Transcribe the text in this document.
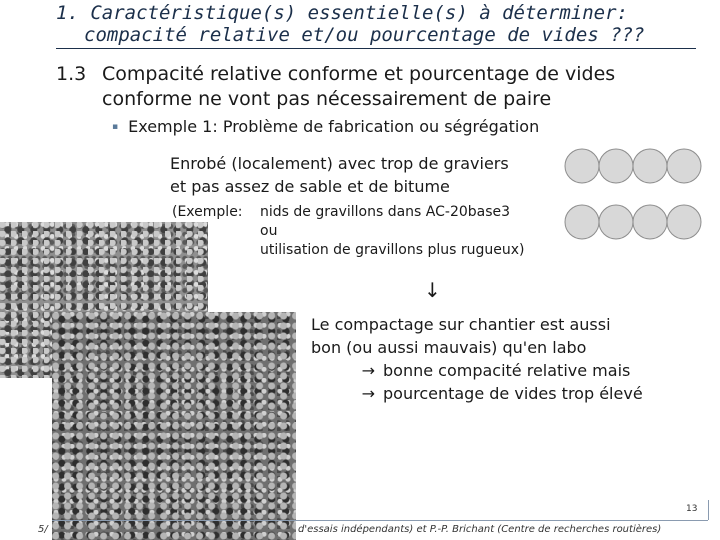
1. Caractéristique(s) essentielle(s) à déterminer:
compacité relative et/ou pourcentage de vides ???
1.3 Compacité relative conforme et pourcentage de vides
conforme ne vont pas nécessairement de paire
▪ Exemple 1: Problème de fabrication ou ségrégation
Enrobé (localement) avec trop de graviers
et pas assez de sable et de bitume
(Exemple: nids de gravillons dans AC-20base3
ou
utilisation de gravillons plus rugueux)
↓
Le compactage sur chantier est aussi
bon (ou aussi mauvais) qu'en labo
→ bonne compacité relative mais
→ pourcentage de vides trop élevé
13
5/	d'essais indépendants) et P.-P. Brichant (Centre de recherches routières)
